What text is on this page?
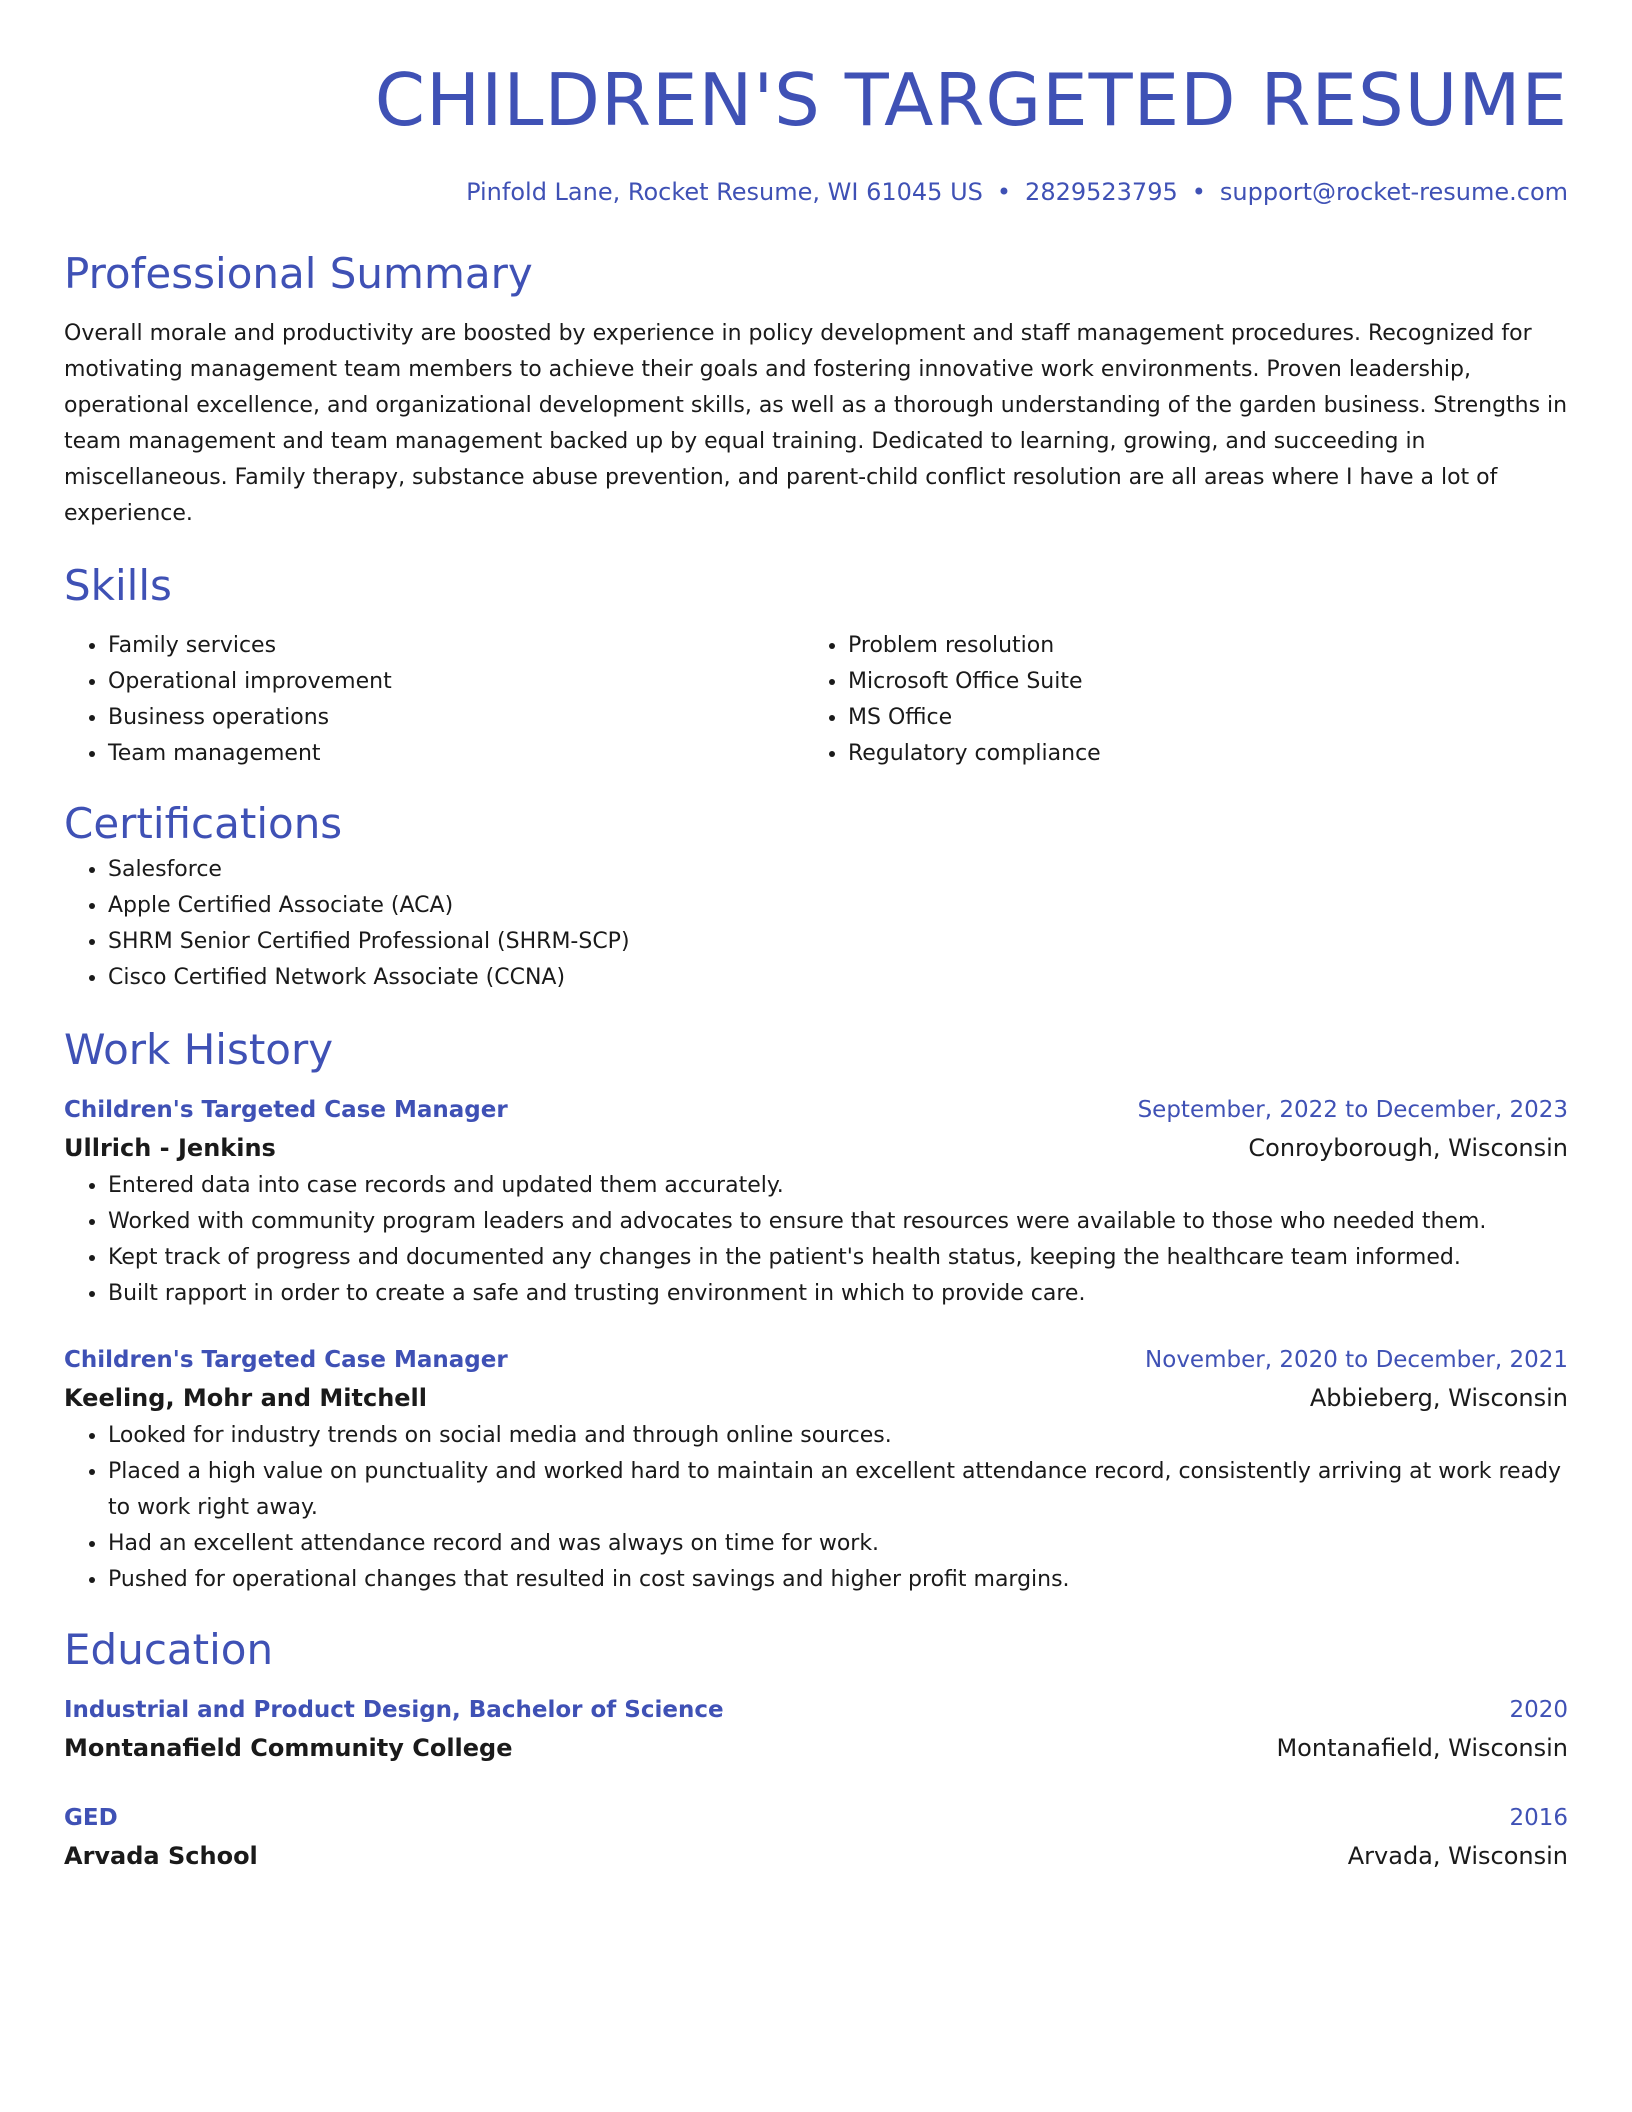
CHILDREN'S TARGETED RESUME
Pinfold Lane, Rocket Resume, WI 61045 US • 2829523795 • support@rocket-resume.com
Professional Summary
Overall morale and productivity are boosted by experience in policy development and staff management procedures. Recognized for motivating management team members to achieve their goals and fostering innovative work environments. Proven leadership, operational excellence, and organizational development skills, as well as a thorough understanding of the garden business. Strengths in team management and team management backed up by equal training. Dedicated to learning, growing, and succeeding in miscellaneous. Family therapy, substance abuse prevention, and parent-child conflict resolution are all areas where I have a lot of experience.
Skills
• Family services
• Operational improvement
• Business operations
• Team management
• Problem resolution
• Microsoft Office Suite
• MS Office
• Regulatory compliance
Certifications
• Salesforce
• Apple Certified Associate (ACA)
• SHRM Senior Certified Professional (SHRM-SCP)
• Cisco Certified Network Associate (CCNA)
Work History
Children's Targeted Case Manager	September, 2022 to December, 2023
Ullrich - Jenkins	Conroyborough, Wisconsin
• Entered data into case records and updated them accurately.
• Worked with community program leaders and advocates to ensure that resources were available to those who needed them.
• Kept track of progress and documented any changes in the patient's health status, keeping the healthcare team informed.
• Built rapport in order to create a safe and trusting environment in which to provide care.
Children's Targeted Case Manager	November, 2020 to December, 2021
Keeling, Mohr and Mitchell	Abbieberg, Wisconsin
• Looked for industry trends on social media and through online sources.
• Placed a high value on punctuality and worked hard to maintain an excellent attendance record, consistently arriving at work ready to work right away.
• Had an excellent attendance record and was always on time for work.
• Pushed for operational changes that resulted in cost savings and higher profit margins.
Education
Industrial and Product Design, Bachelor of Science	2020
Montanafield Community College	Montanafield, Wisconsin
GED	2016
Arvada School	Arvada, Wisconsin
